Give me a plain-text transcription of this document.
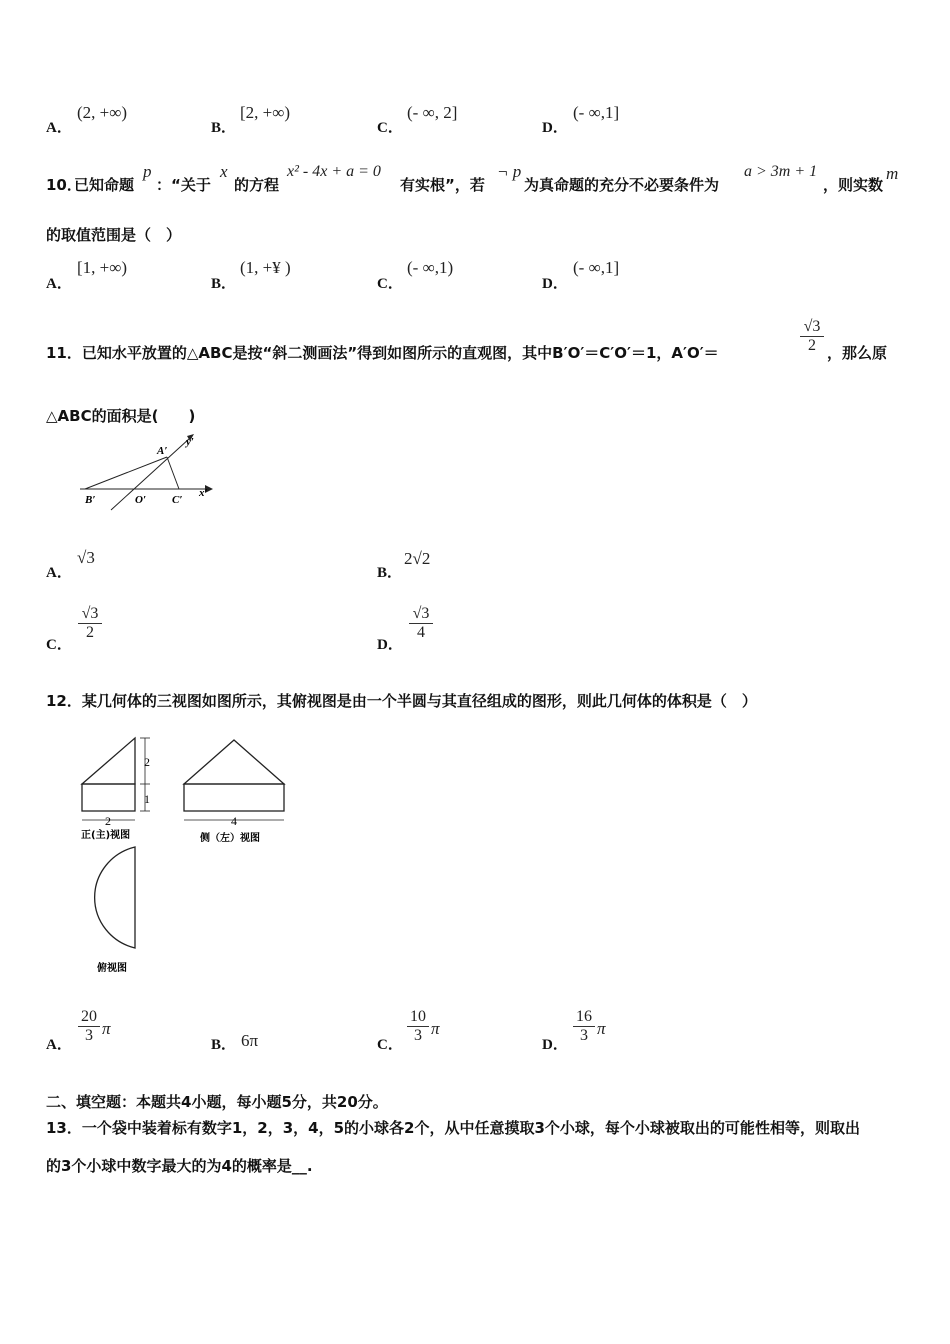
A．
(2, +∞)
B．
[2, +∞)
C．
(- ∞, 2]
D．
(- ∞,1]
10．
已知命题
p
：“关于
x
的方程
x² - 4x + a = 0
有实根”，若
¬ p
为真命题的充分不必要条件为
a > 3m + 1
，则实数
m
的取值范围是（　）
A．
[1, +∞)
B．
(1, +¥ )
C．
(- ∞,1)
D．
(- ∞,1]
11．已知水平放置的△ABC是按“斜二测画法”得到如图所示的直观图，其中B′O′＝C′O′＝1，A′O′＝
√3
2 ，那么原
△ABC的面积是(　　)
A′
B′	O′ C′
x′
y′
A．
√3
B．
2√2
C．
√3
2
D．
√3
4
12．某几何体的三视图如图所示，其俯视图是由一个半圆与其直径组成的图形，则此几何体的体积是（　）
2
1
2
正(主)视图
4
侧（左）视图
俯视图
A．
20
3 π
B． 6π	C．
10
3 π
D．
16
3 π
二、填空题：本题共4小题，每小题5分，共20分。
13．一个袋中装着标有数字1，2，3，4，5的小球各2个，从中任意摸取3个小球，每个小球被取出的可能性相等，则取出
的3个小球中数字最大的为4的概率是__.
